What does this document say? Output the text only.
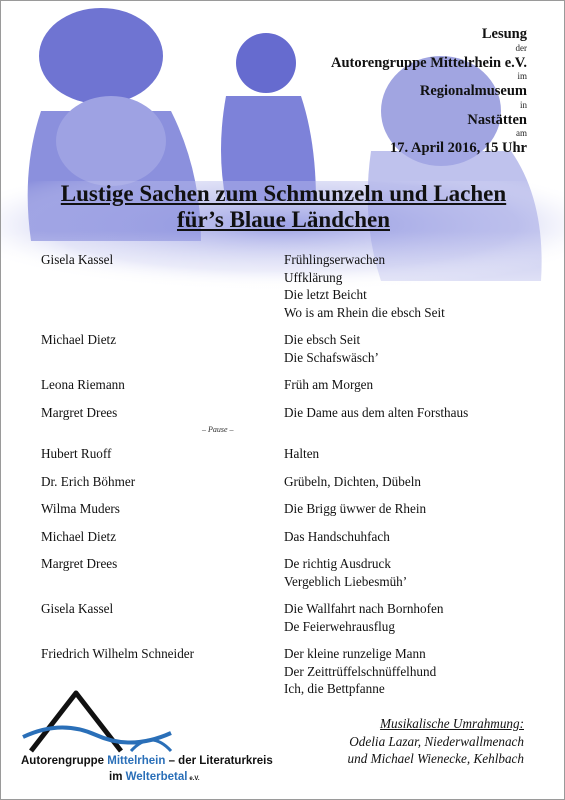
Lesung
der
Autorengruppe Mittelrhein e.V.
im
Regionalmuseum
in
Nastätten
am
17. April 2016, 15 Uhr
Lustige Sachen zum Schmunzeln und Lachen
für’s Blaue Ländchen
Gisela Kassel	Frühlingserwachen
Uffklärung
Die letzt Beicht
Wo is am Rhein die ebsch Seit
Michael Dietz	Die ebsch Seit
Die Schafswäsch’
Leona Riemann	Früh am Morgen
Margret Drees	Die Dame aus dem alten Forsthaus
– Pause –
Hubert Ruoff	Halten
Dr. Erich Böhmer	Grübeln, Dichten, Dübeln
Wilma Muders	Die Brigg üwwer de Rhein
Michael Dietz	Das Handschuhfach
Margret Drees	De richtig Ausdruck
Vergeblich Liebesmüh’
Gisela Kassel	Die Wallfahrt nach Bornhofen
De Feierwehrausflug
Friedrich Wilhelm Schneider	Der kleine runzelige Mann
Der Zeittrüffelschnüffelhund
Ich, die Bettpfanne
Musikalische Umrahmung:
Odelia Lazar, Niederwallmenach
und Michael Wienecke, Kehlbach
Autorengruppe Mittelrhein – der Literaturkreis
im Welterbetal e.V.
